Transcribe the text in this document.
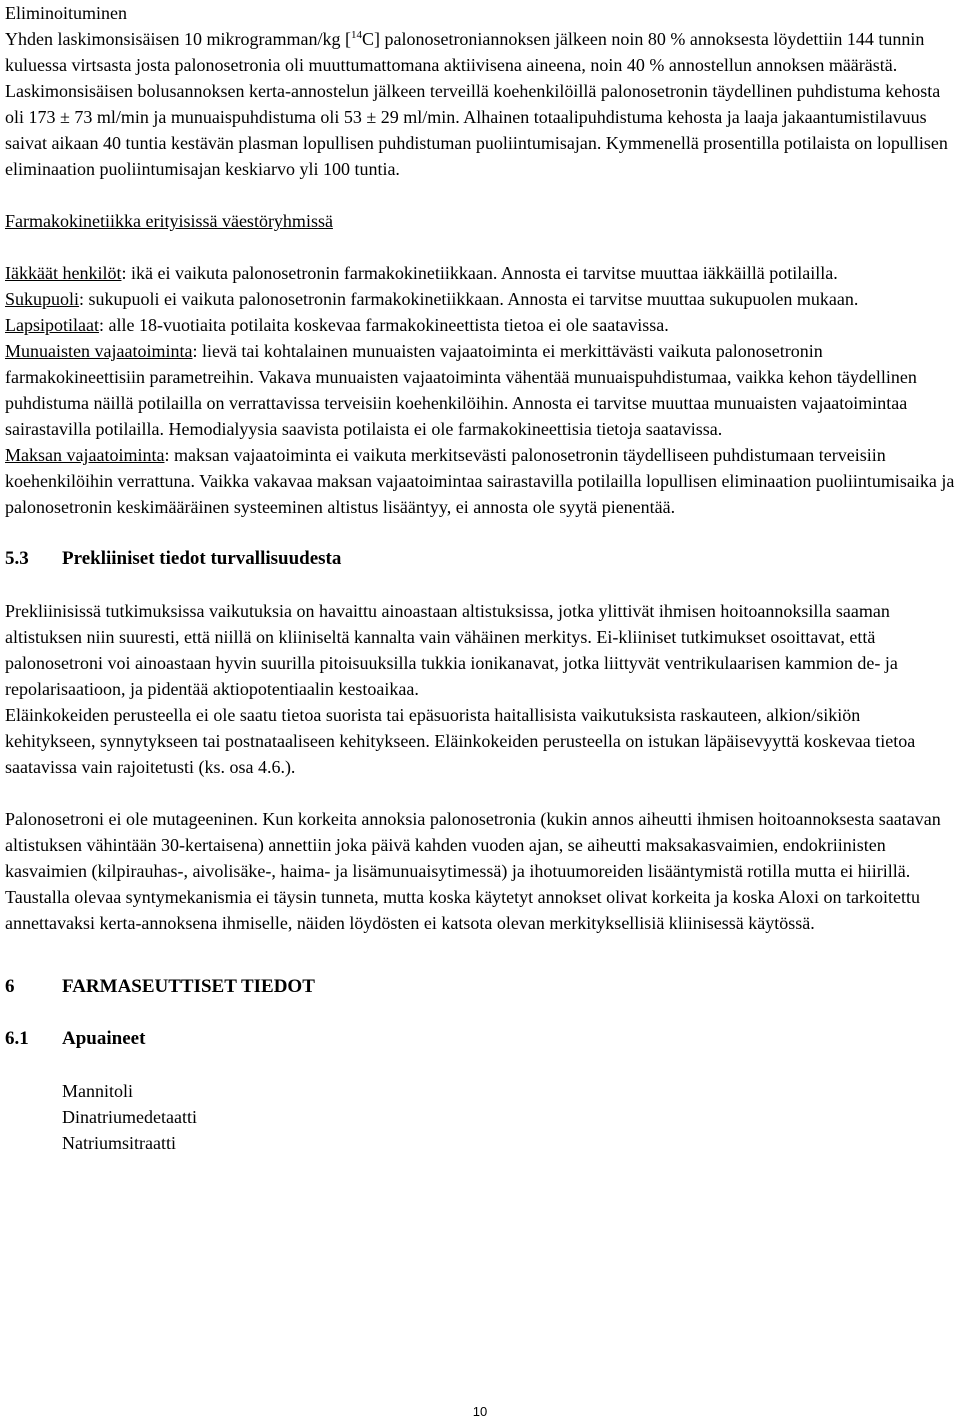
Eliminoituminen

Yhden laskimonsisäisen 10 mikrogramman/kg [$^{14}$C] palonosetroniannoksen jälkeen noin 80 % annoksesta löydettiin 144 tunnin kuluessa virtsasta josta palonosetronia oli muuttumattomana aktiivisena aineena, noin 40 % annostellun annoksen määrästä. Laskimonsisäisen bolusannoksen kerta-annostelun jälkeen terveillä koehenkilöillä palonosetronin täydellinen puhdistuma kehosta oli 173 ± 73 ml/min ja munuaispuhdistuma oli 53 ± 29 ml/min. Alhainen totaalipuhdistuma kehosta ja laaja jakaantumistilavuus saivat aikaan 40 tuntia kestävän plasman lopullisen puhdistuman puoliintumisajan. Kymmenellä prosentilla potilaista on lopullisen eliminaation puoliintumisajan keskiarvo yli 100 tuntia.

Farmakokinetiikka erityisissä väestöryhmissä

Iäkkäät henkilöt: ikä ei vaikuta palonosetronin farmakokinetiikkaan. Annosta ei tarvitse muuttaa iäkkäillä potilailla.

Sukupuoli: sukupuoli ei vaikuta palonosetronin farmakokinetiikkaan. Annosta ei tarvitse muuttaa sukupuolen mukaan.

Lapsipotilaat: alle 18-vuotiaita potilaita koskevaa farmakokineettista tietoa ei ole saatavissa.

Munuaisten vajaatoiminta: lievä tai kohtalainen munuaisten vajaatoiminta ei merkittävästi vaikuta palonosetronin farmakokineettisiin parametreihin. Vakava munuaisten vajaatoiminta vähentää munuaispuhdistumaa, vaikka kehon täydellinen puhdistuma näillä potilailla on verrattavissa terveisiin koehenkilöihin. Annosta ei tarvitse muuttaa munuaisten vajaatoimintaa sairastavilla potilailla. Hemodialyysia saavista potilaista ei ole farmakokineettisia tietoja saatavissa.

Maksan vajaatoiminta: maksan vajaatoiminta ei vaikuta merkitsevästi palonosetronin täydelliseen puhdistumaan terveisiin koehenkilöihin verrattuna. Vaikka vakavaa maksan vajaatoimintaa sairastavilla potilailla lopullisen eliminaation puoliintumisaika ja palonosetronin keskimääräinen systeeminen altistus lisääntyy, ei annosta ole syytä pienentää.

5.3	Prekliiniset tiedot turvallisuudesta

Prekliinisissä tutkimuksissa vaikutuksia on havaittu ainoastaan altistuksissa, jotka ylittivät ihmisen hoitoannoksilla saaman altistuksen niin suuresti, että niillä on kliiniseltä kannalta vain vähäinen merkitys. Ei-kliiniset tutkimukset osoittavat, että palonosetroni voi ainoastaan hyvin suurilla pitoisuuksilla tukkia ionikanavat, jotka liittyvät ventrikulaarisen kammion de- ja repolarisaatioon, ja pidentää aktiopotentiaalin kestoaikaa.

Eläinkokeiden perusteella ei ole saatu tietoa suorista tai epäsuorista haitallisista vaikutuksista raskauteen, alkion/sikiön kehitykseen, synnytykseen tai postnataaliseen kehitykseen. Eläinkokeiden perusteella on istukan läpäisevyyttä koskevaa tietoa saatavissa vain rajoitetusti (ks. osa 4.6.).

Palonosetroni ei ole mutageeninen. Kun korkeita annoksia palonosetronia (kukin annos aiheutti ihmisen hoitoannoksesta saatavan altistuksen vähintään 30-kertaisena) annettiin joka päivä kahden vuoden ajan, se aiheutti maksakasvaimien, endokriinisten kasvaimien (kilpirauhas-, aivolisäke-, haima- ja lisämunuaisytimessä) ja ihotuumoreiden lisääntymistä rotilla mutta ei hiirillä. Taustalla olevaa syntymekanismia ei täysin tunneta, mutta koska käytetyt annokset olivat korkeita ja koska Aloxi on tarkoitettu annettavaksi kerta-annoksena ihmiselle, näiden löydösten ei katsota olevan merkityksellisiä kliinisessä käytössä.

6	FARMASEUTTISET TIEDOT
6.1	Apuaineet
Mannitoli
Dinatriumedetaatti
Natriumsitraatti
10
